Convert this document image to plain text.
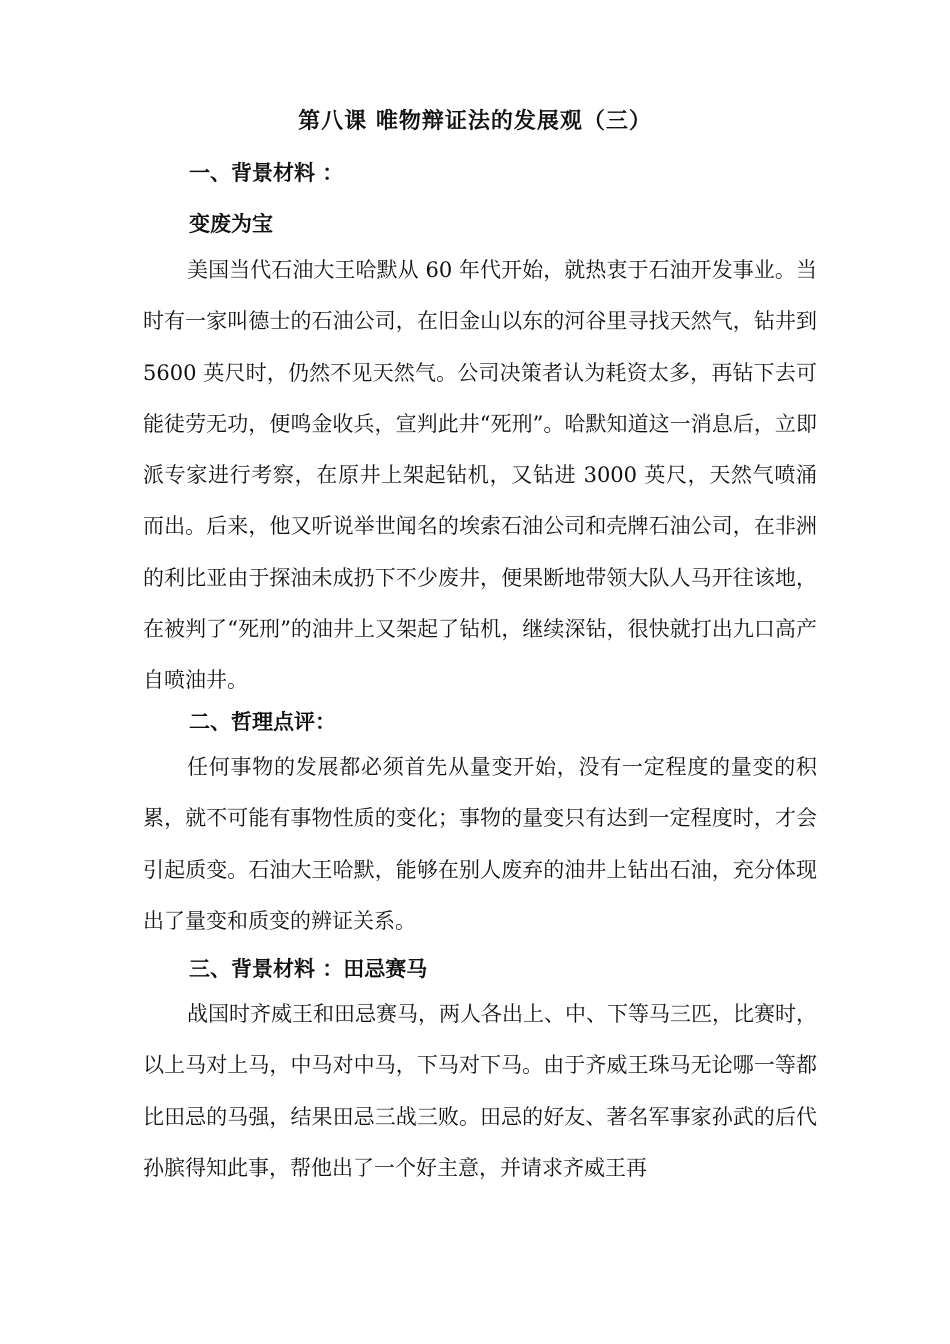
第八课 唯物辩证法的发展观（三）
一、背景材料 ：
变废为宝

美国当代石油大王哈默从 60 年代开始，就热衷于石油开发事业。当时有一家叫德士的石油公司，在旧金山以东的河谷里寻找天然气，钻井到 5600 英尺时，仍然不见天然气。公司决策者认为耗资太多，再钻下去可能徒劳无功，便鸣金收兵，宣判此井“死刑”。哈默知道这一消息后，立即派专家进行考察，在原井上架起钻机，又钻进 3000 英尺，天然气喷涌而出。后来，他又听说举世闻名的埃索石油公司和壳牌石油公司，在非洲的利比亚由于探油未成扔下不少废井，便果断地带领大队人马开往该地，在被判了“死刑”的油井上又架起了钻机，继续深钻，很快就打出九口高产自喷油井。

二、哲理点评：

任何事物的发展都必须首先从量变开始，没有一定程度的量变的积累，就不可能有事物性质的变化；事物的量变只有达到一定程度时，才会引起质变。石油大王哈默，能够在别人废弃的油井上钻出石油，充分体现出了量变和质变的辨证关系。

三、背景材料 ：田忌赛马

战国时齐威王和田忌赛马，两人各出上、中、下等马三匹，比赛时，以上马对上马，中马对中马，下马对下马。由于齐威王珠马无论哪一等都比田忌的马强，结果田忌三战三败。田忌的好友、著名军事家孙武的后代孙膑得知此事，帮他出了一个好主意，并请求齐威王再
